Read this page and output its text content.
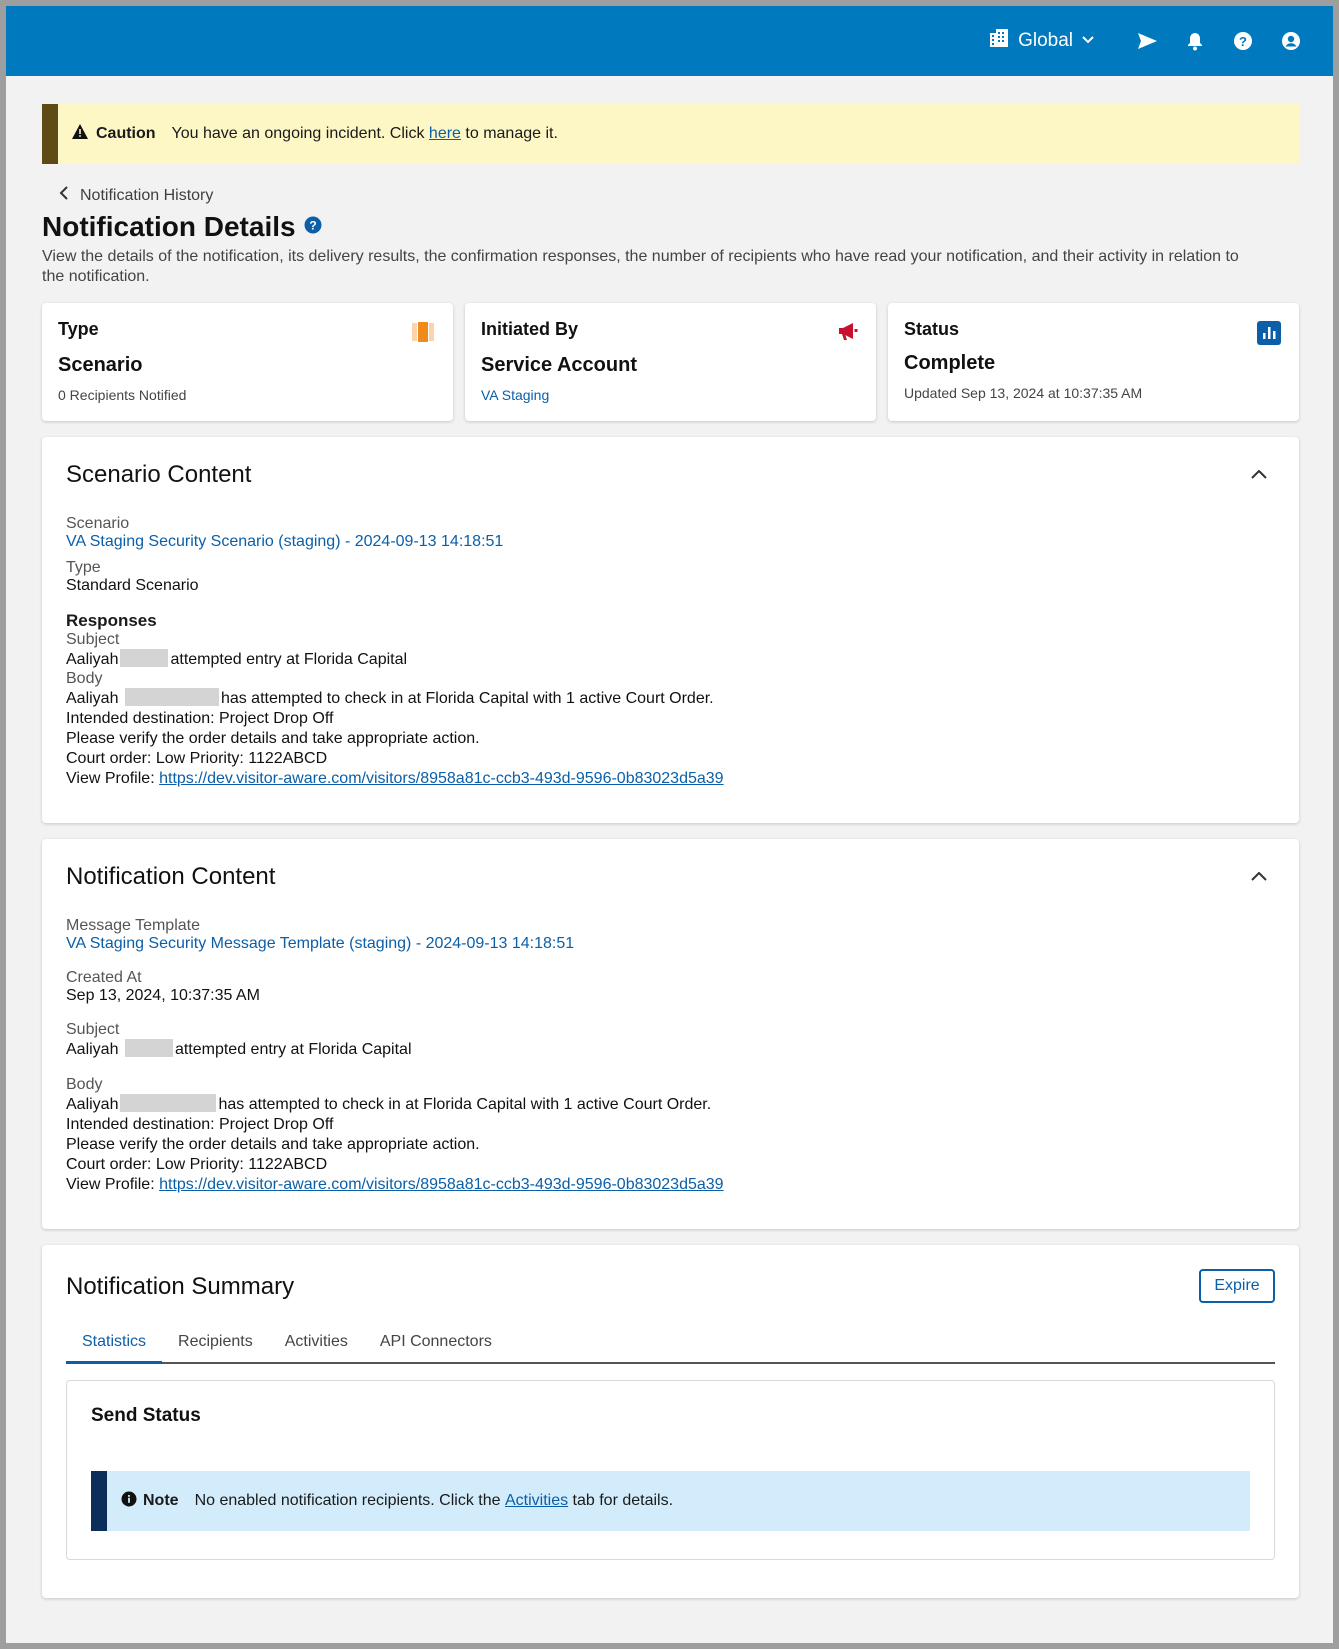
Global	?
Caution You have an ongoing incident. Click
here
to manage it.
Notification History
Notification Details ?
View the details of the notification, its delivery results, the confirmation responses, the number of recipients who have read your notification, and their activity in relation to the notification.
Type
Scenario
0 Recipients Notified
Initiated By
Service Account
VA Staging
Status
Complete
Updated Sep 13, 2024 at 10:37:35 AM
Scenario Content
Scenario
VA Staging Security Scenario (staging) - 2024-09-13 14:18:51
Type
Standard Scenario
Responses
Subject
Aaliyah	attempted entry at Florida Capital
Body
Aaliyah	has attempted to check in at Florida Capital with 1 active Court Order.
Intended destination: Project Drop Off
Please verify the order details and take appropriate action.
Court order: Low Priority: 1122ABCD
View Profile: https://dev.visitor-aware.com/visitors/8958a81c-ccb3-493d-9596-0b83023d5a39
Notification Content
Message Template
VA Staging Security Message Template (staging) - 2024-09-13 14:18:51
Created At
Sep 13, 2024, 10:37:35 AM
Subject
Aaliyah	attempted entry at Florida Capital
Body
Aaliyah	has attempted to check in at Florida Capital with 1 active Court Order.
Intended destination: Project Drop Off
Please verify the order details and take appropriate action.
Court order: Low Priority: 1122ABCD
View Profile: https://dev.visitor-aware.com/visitors/8958a81c-ccb3-493d-9596-0b83023d5a39
Notification Summary	Expire
Statistics	Recipients	Activities	API Connectors
Send Status
Note No enabled notification recipients. Click the
Activities
tab for details.
